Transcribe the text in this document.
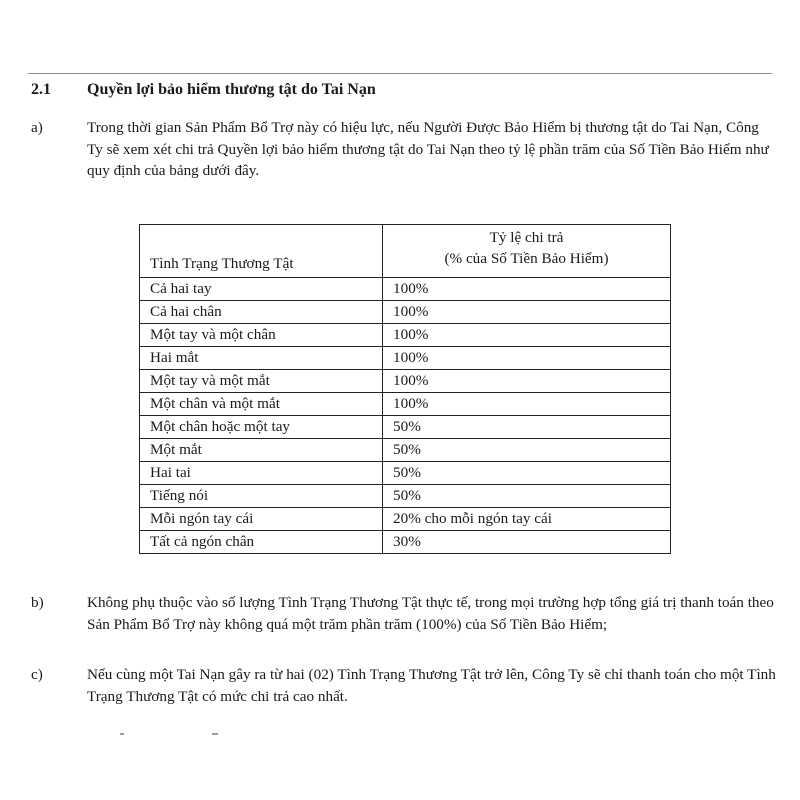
2.1	Quyền lợi bảo hiểm thương tật do Tai Nạn
a)	Trong thời gian Sản Phẩm Bổ Trợ này có hiệu lực, nếu Người Được Bảo Hiểm bị thương tật do Tai Nạn, Công Ty sẽ xem xét chi trả Quyền lợi bảo hiểm thương tật do Tai Nạn theo tỷ lệ phần trăm của Số Tiền Bảo Hiểm như quy định của bảng dưới đây.
Tình Trạng Thương Tật	Tỷ lệ chi trả
(% của Số Tiền Bảo Hiểm)

Cả hai tay	100%
Cả hai chân	100%
Một tay và một chân	100%
Hai mắt	100%
Một tay và một mắt	100%
Một chân và một mắt	100%
Một chân hoặc một tay	50%
Một mắt	50%
Hai tai	50%
Tiếng nói	50%
Mỗi ngón tay cái	20% cho mỗi ngón tay cái
Tất cả ngón chân	30%
b)	Không phụ thuộc vào số lượng Tình Trạng Thương Tật thực tế, trong mọi trường hợp tổng giá trị thanh toán theo Sản Phẩm Bổ Trợ này không quá một trăm phần trăm (100%) của Số Tiền Bảo Hiểm;
c)	Nếu cùng một Tai Nạn gây ra từ hai (02) Tình Trạng Thương Tật trở lên, Công Ty sẽ chỉ thanh toán cho một Tình Trạng Thương Tật có mức chi trả cao nhất.
